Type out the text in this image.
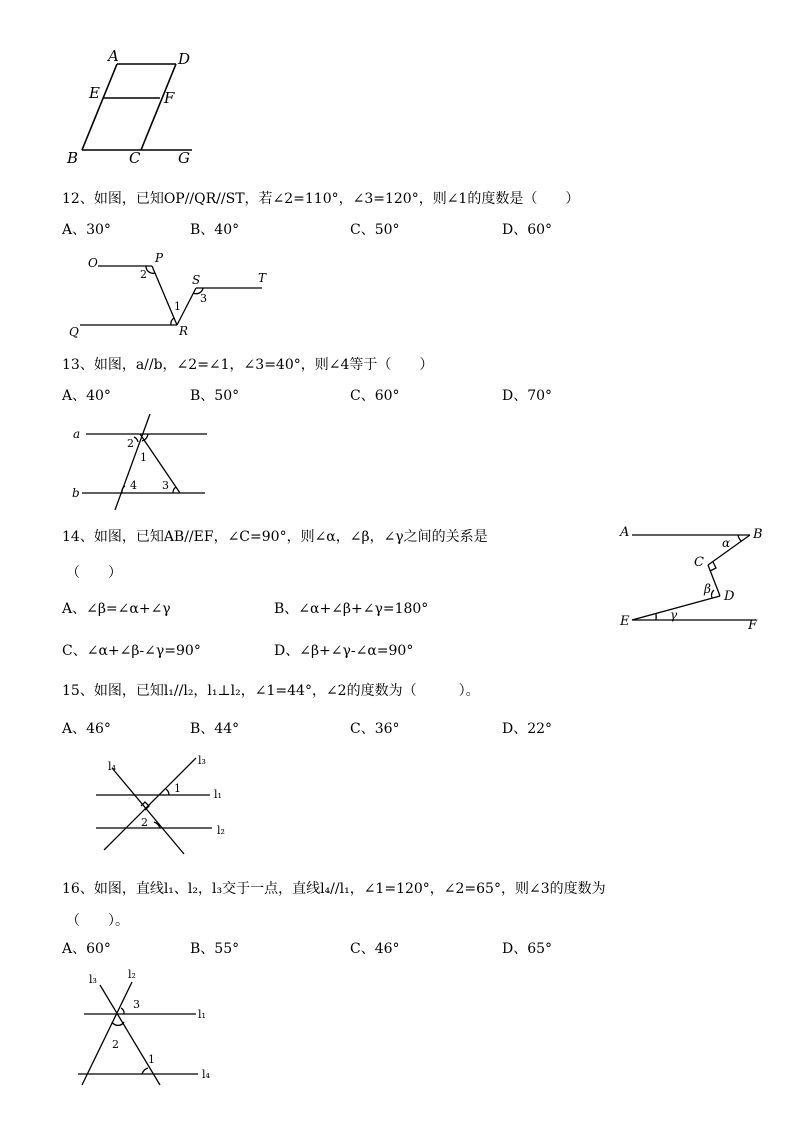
A	D
E	F
B	C	G
12、如图，已知OP//QR//ST，若∠2=110°，∠3=120°，则∠1的度数是（　　）
A、30°	B、40°	C、50°	D、60°
O	P
S	T
Q	R
2
1
3
13、如图，a//b，∠2=∠1，∠3=40°，则∠4等于（　　）
A、40°	B、50°	C、60°	D、70°
a
b
2
1
4 3
14、如图，已知AB//EF，∠C=90°，则∠α，∠β，∠γ之间的关系是
（　　）
A、∠β=∠α+∠γ	B、∠α+∠β+∠γ=180°
C、∠α+∠β-∠γ=90°	D、∠β+∠γ-∠α=90°
A	B
C
D
E	F
α
β
γ
15、如图，已知l₁//l₂，l₁⊥l₂，∠1=44°，∠2的度数为（　　　）。
A、46°	B、44°	C、36°	D、22°
l₄	l₃
l₁
l₂
1
2
16、如图，直线l₁、l₂，l₃交于一点，直线l₄//l₁，∠1=120°，∠2=65°，则∠3的度数为
（　　）。
A、60°	B、55°	C、46°	D、65°
l₃	l₂
l₁
l₄
3
2
1
